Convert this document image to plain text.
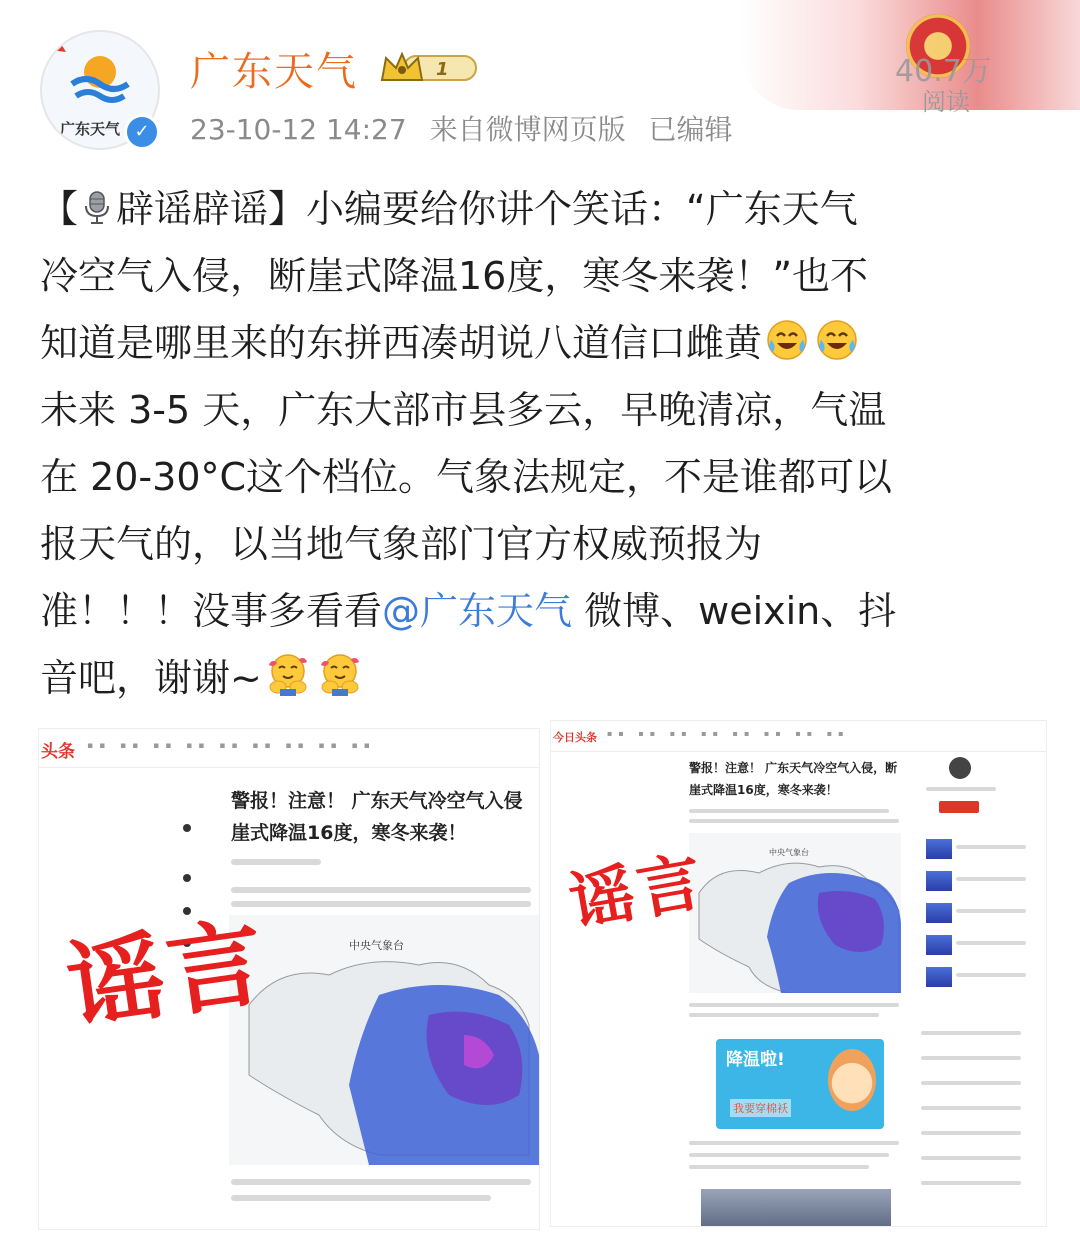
广东天气 ✓
广东天气	1
23-10-12 14:27 来自微博网页版 已编辑
40.7万
阅读
【 辟谣辟谣】小编要给你讲个笑话：“广东天气
冷空气入侵，断崖式降温16度，寒冬来袭！”也不
知道是哪里来的东拼西凑胡说八道信口雌黄
未来 3-5 天，广东大部市县多云，早晚清凉，气温
在 20-30°C这个档位。气象法规定，不是谁都可以
报天气的，以当地气象部门官方权威预报为
准！！！没事多看看@广东天气 微博、weixin、抖
音吧，谢谢~
头条 ▪▪ ▪▪ ▪▪ ▪▪ ▪▪ ▪▪ ▪▪ ▪▪ ▪▪
警报！注意！ 广东天气冷空气入侵
崖式降温16度，寒冬来袭！
中央气象台
谣言
今日头条 ▪▪ ▪▪ ▪▪ ▪▪ ▪▪ ▪▪ ▪▪ ▪▪
警报！注意！ 广东天气冷空气入侵，断
崖式降温16度，寒冬来袭！
中央气象台
降温啦!
我要穿棉袄
谣言
